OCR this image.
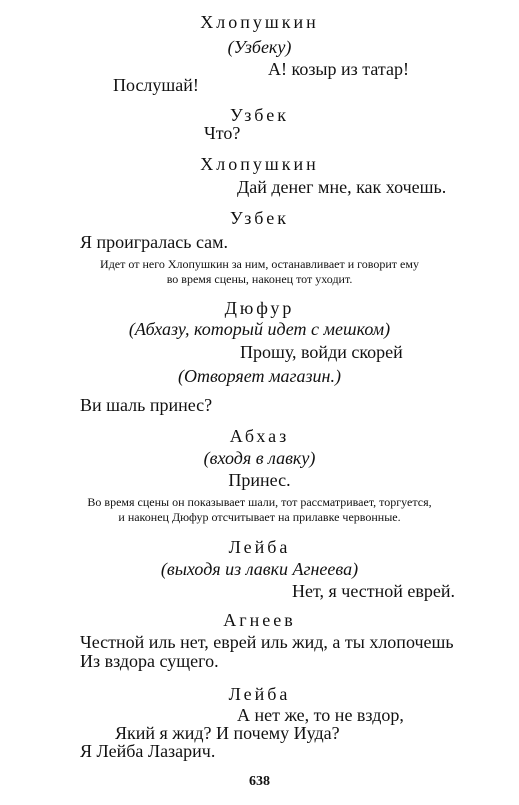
Хлопушкин
(Узбеку)
А! козыр из татар!
Послушай!
Узбек
Что?
Хлопушкин
Дай денег мне, как хочешь.
Узбек
Я проигралась сам.
Идет от него Хлопушкин за ним, останавливает и говорит ему
во время сцены, наконец тот уходит.
Дюфур
(Абхазу, который идет с мешком)
Прошу, войди скорей
(Отворяет магазин.)
Ви шаль принес?
Абхаз
(входя в лавку)
Принес.
Во время сцены он показывает шали, тот рассматривает, торгуется,
и наконец Дюфур отсчитывает на прилавке червонные.
Лейба
(выходя из лавки Агнеева)
Нет, я честной еврей.
Агнеев
Честной иль нет, еврей иль жид, а ты хлопочешь
Из вздора сущего.
Лейба
А нет же, то не вздор,
Який я жид? И почему Иуда?
Я Лейба Лазарич.
638
